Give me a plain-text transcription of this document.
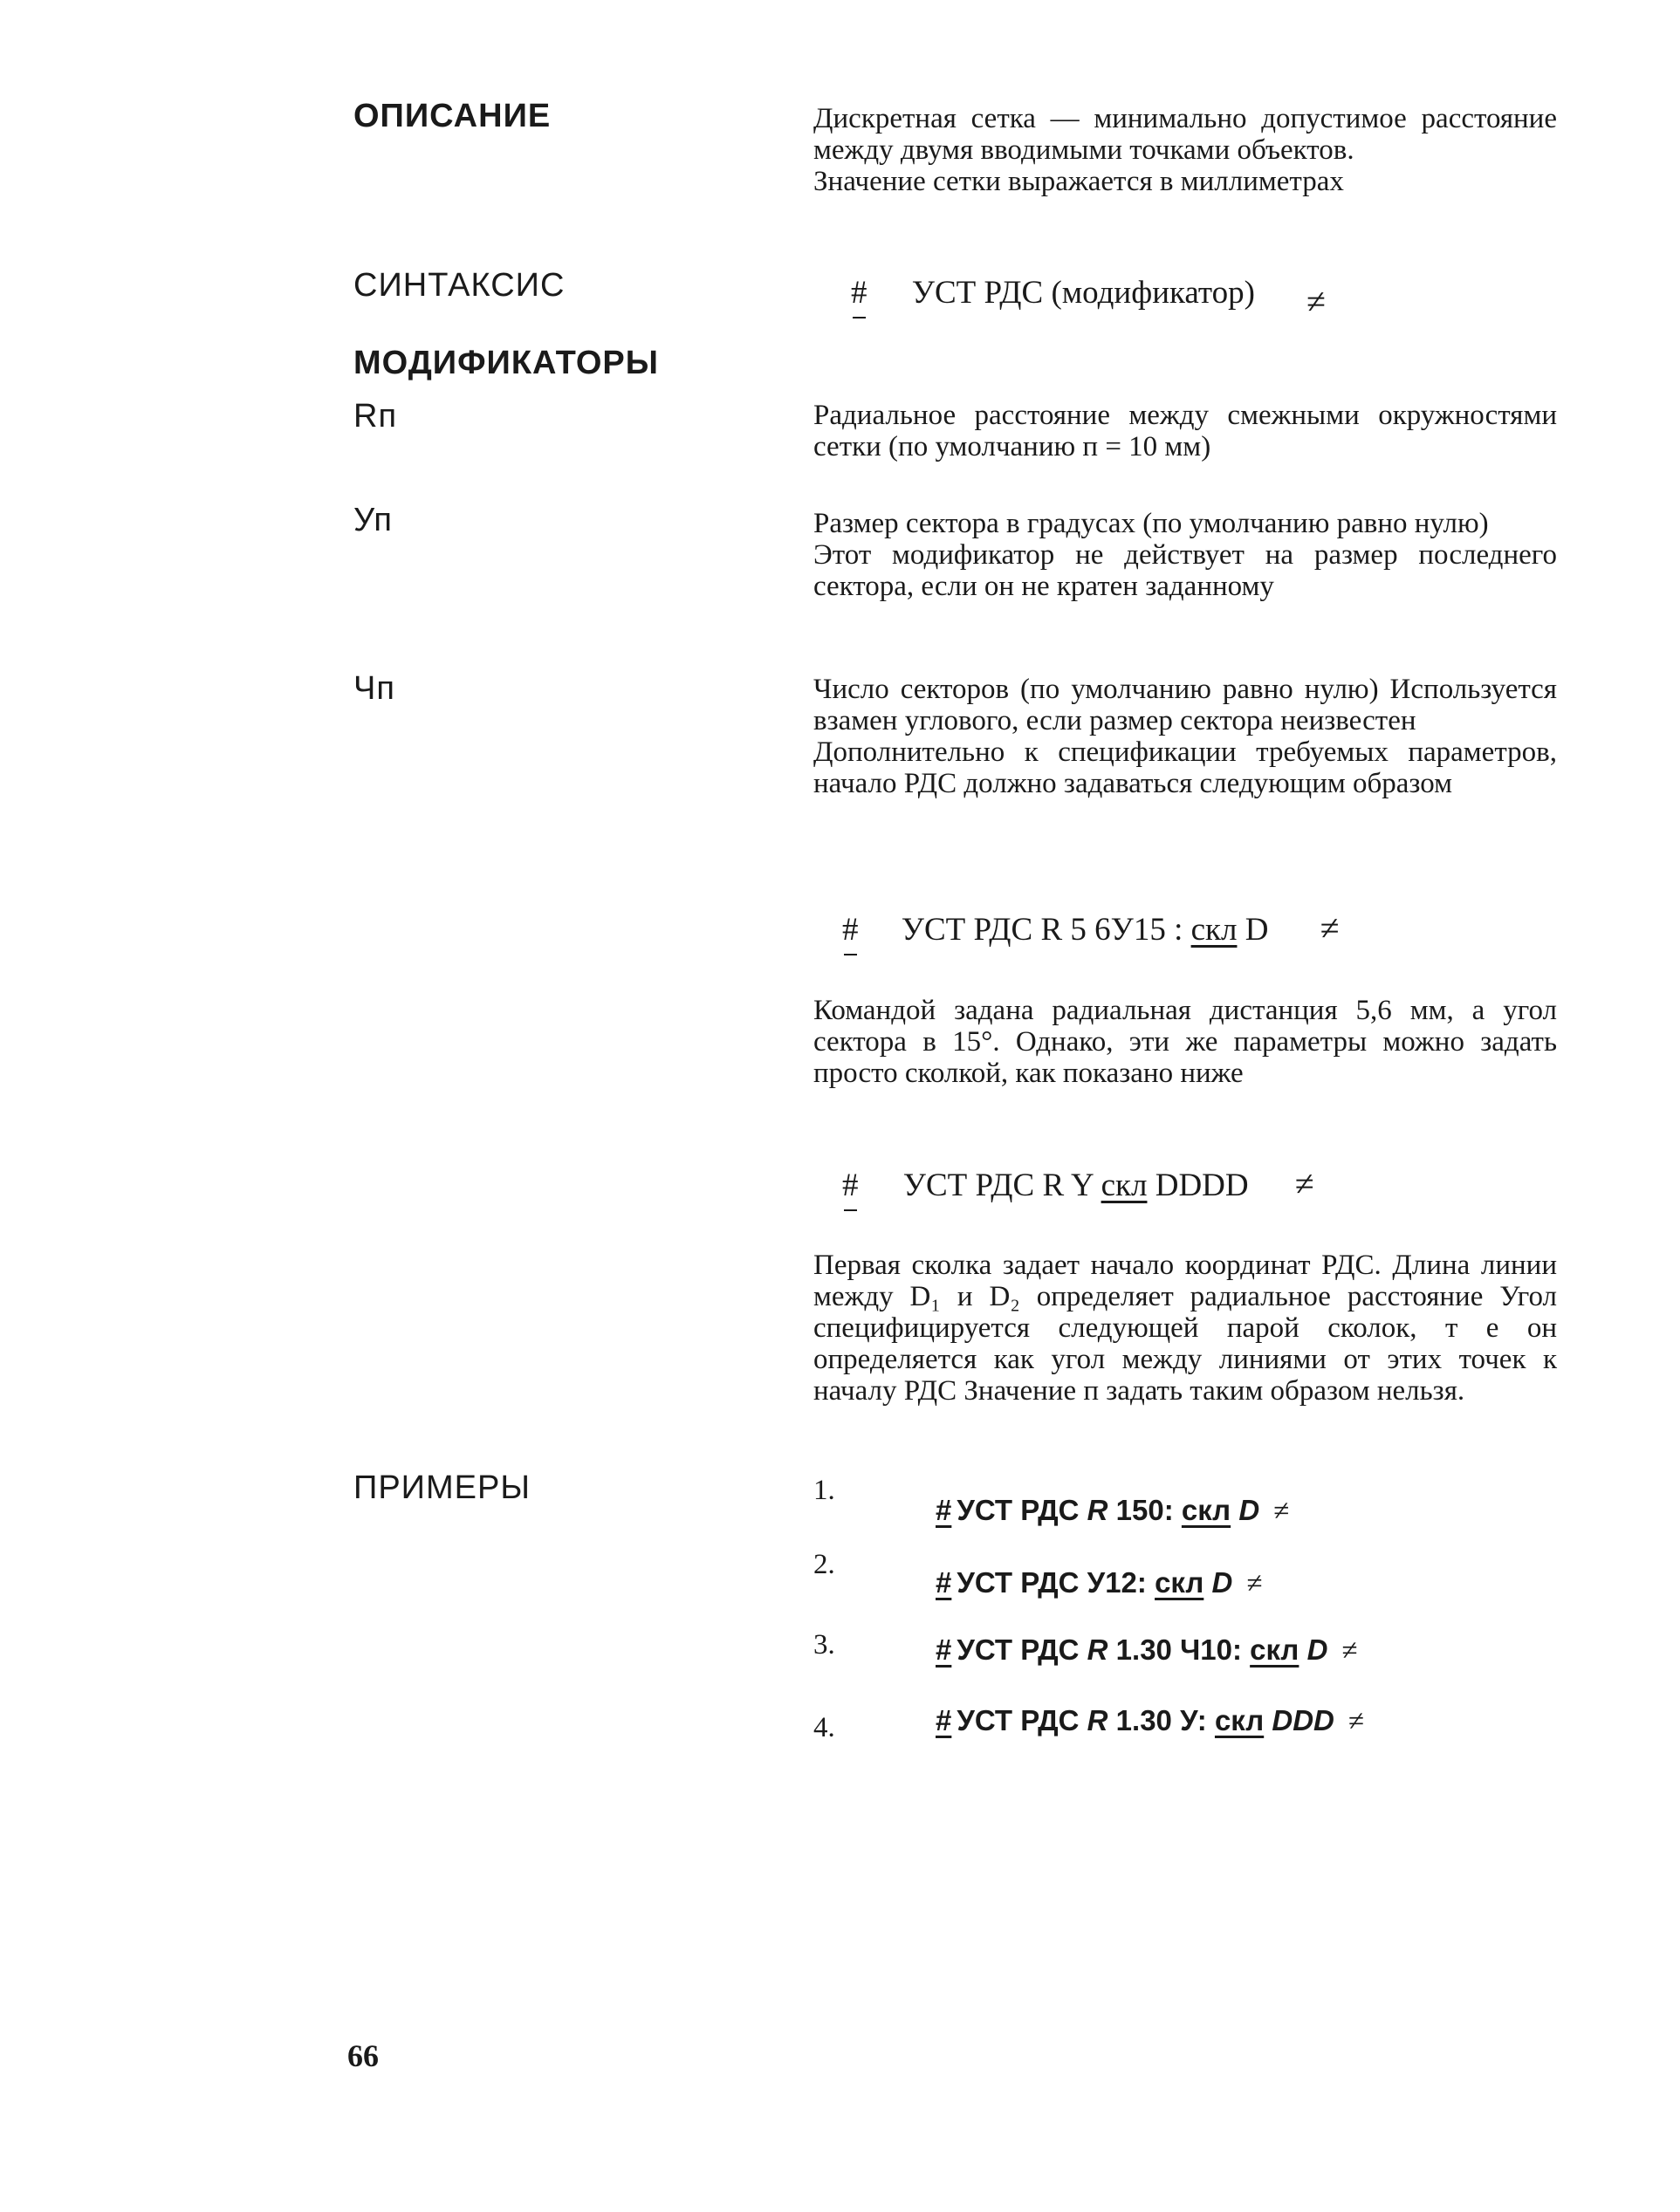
ОПИСАНИЕ
СИНТАКСИС
МОДИФИКАТОРЫ
Rп
Уп
Чп
ПРИМЕРЫ

Дискретная сетка — минимально допустимое расстояние между двумя вводимыми точками объектов.

Значение сетки выражается в миллиметрах

# УСТ РДС (модификатор) ≠

Радиальное расстояние между смежными окружностями сетки (по умолчанию п = 10 мм)

Размер сектора в градусах (по умолчанию равно нулю)

Этот модификатор не действует на размер последнего сектора, если он не кратен заданному

Число секторов (по умолчанию равно нулю) Используется взамен углового, если размер сектора неизвестен

Дополнительно к спецификации требуемых параметров, начало РДС должно задаваться следующим образом

# УСТ РДС R 5 6У15 : скл D ≠

Командой задана радиальная дистанция 5,6 мм, а угол сектора в 15°. Однако, эти же параметры можно задать просто сколкой, как показано ниже

# УСТ РДС R Y скл DDDD ≠

Первая сколка задает начало координат РДС. Длина линии между D₁ и D₂ определяет радиальное расстояние Угол специфицируется следующей парой сколок, т е он определяется как угол между линиями от этих точек к началу РДС Значение п задать таким образом нельзя.

1.
# УСТ РДС R 150: скл D ≠
2.
# УСТ РДС У12: скл D ≠
3.	# УСТ РДС R 1.30 Ч10: скл D ≠
4.	# УСТ РДС R 1.30 У: скл DDD ≠
66
